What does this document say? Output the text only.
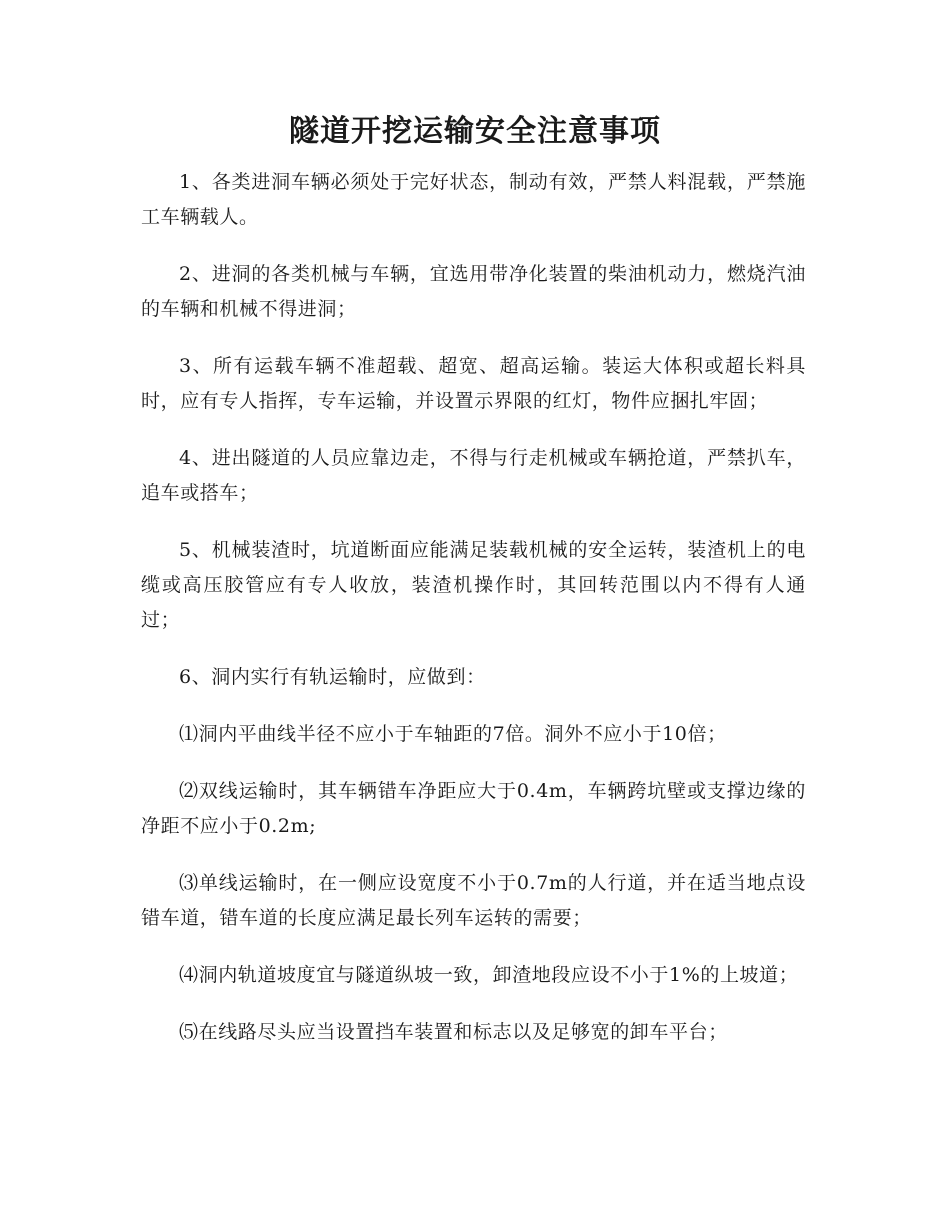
隧道开挖运输安全注意事项

1、各类进洞车辆必须处于完好状态，制动有效，严禁人料混载，严禁施工车辆载人。

2、进洞的各类机械与车辆，宜选用带净化装置的柴油机动力，燃烧汽油的车辆和机械不得进洞；

3、所有运载车辆不准超载、超宽、超高运输。装运大体积或超长料具时，应有专人指挥，专车运输，并设置示界限的红灯，物件应捆扎牢固；

4、进出隧道的人员应靠边走，不得与行走机械或车辆抢道，严禁扒车，追车或搭车；

5、机械装渣时，坑道断面应能满足装载机械的安全运转，装渣机上的电缆或高压胶管应有专人收放，装渣机操作时，其回转范围以内不得有人通过；

6、洞内实行有轨运输时，应做到：

⑴洞内平曲线半径不应小于车轴距的7倍。洞外不应小于10倍；

⑵双线运输时，其车辆错车净距应大于0.4m，车辆跨坑壁或支撑边缘的净距不应小于0.2m;

⑶单线运输时，在一侧应设宽度不小于0.7m的人行道，并在适当地点设错车道，错车道的长度应满足最长列车运转的需要；

⑷洞内轨道坡度宜与隧道纵坡一致，卸渣地段应设不小于1%的上坡道；

⑸在线路尽头应当设置挡车装置和标志以及足够宽的卸车平台；
